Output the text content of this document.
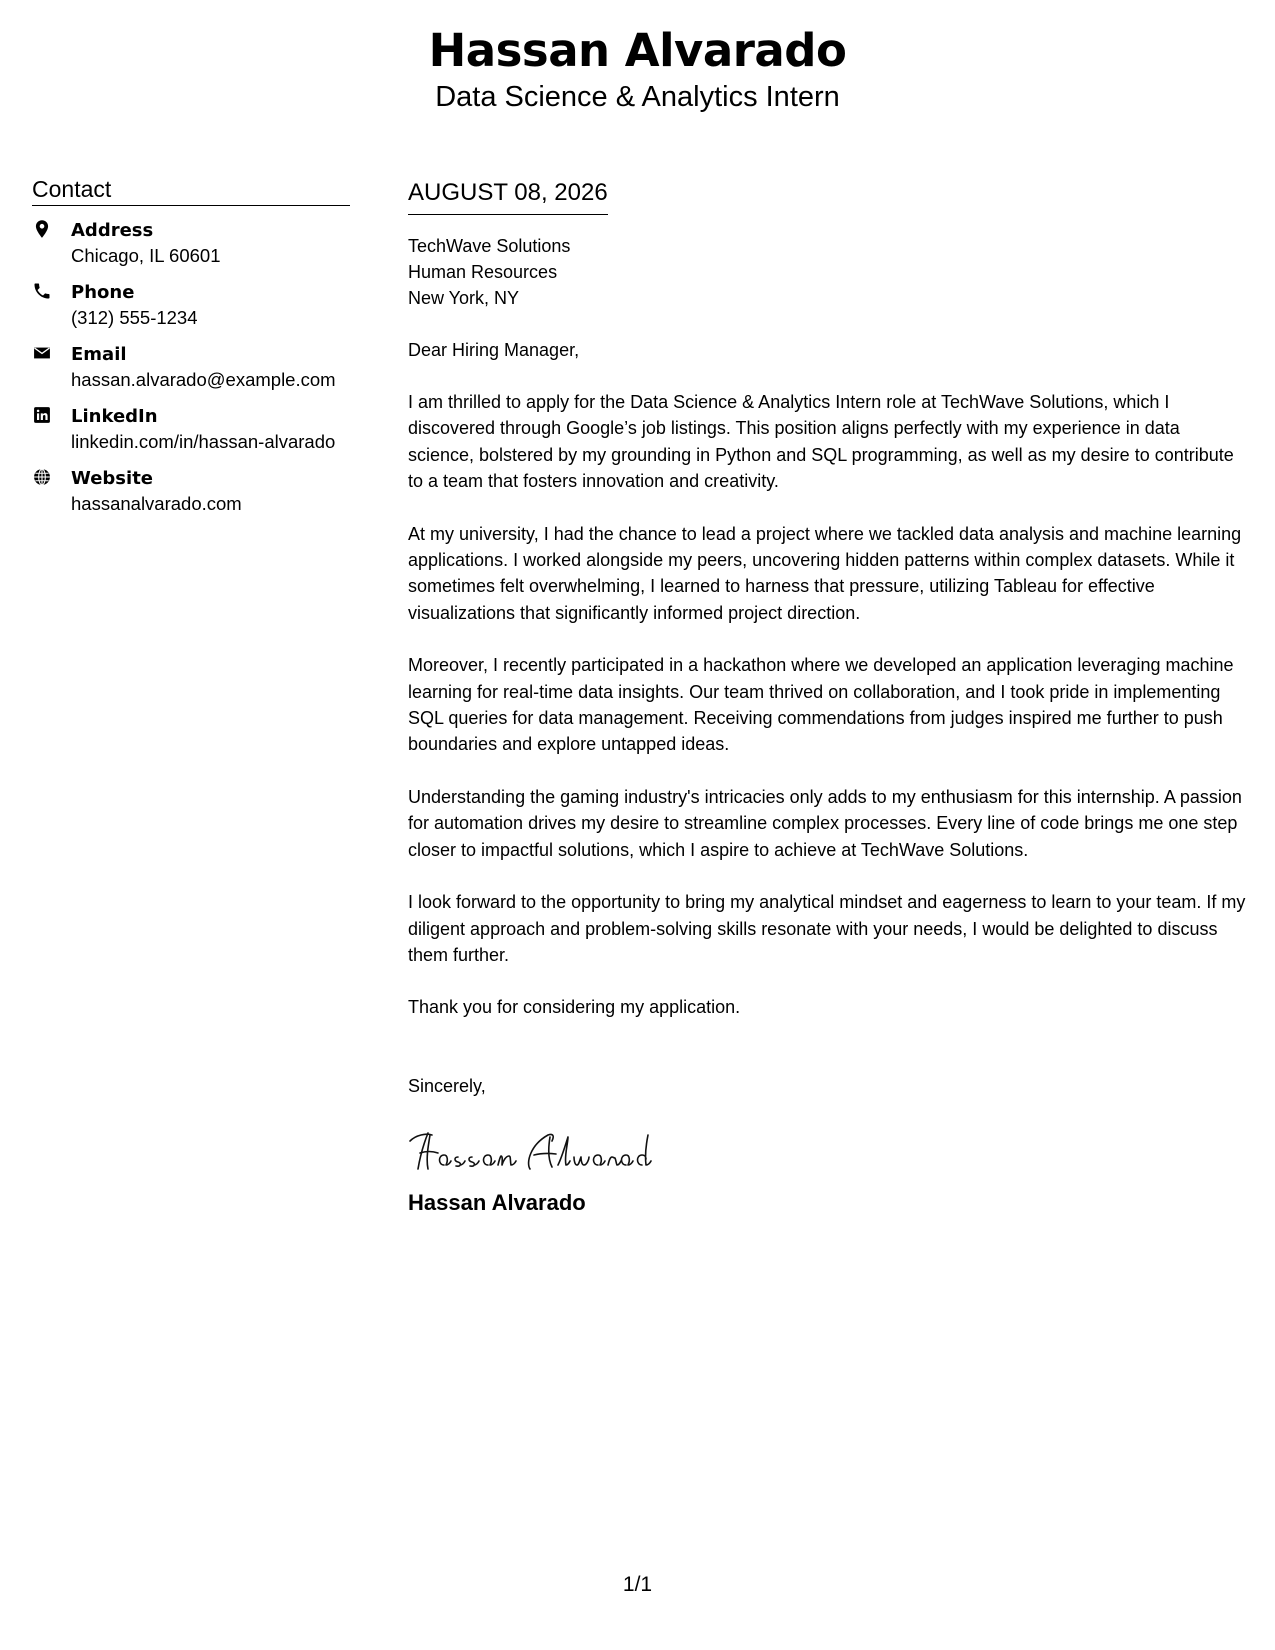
Hassan Alvarado
Data Science & Analytics Intern
Contact
Address
Chicago, IL 60601
Phone
(312) 555-1234
Email
hassan.alvarado@example.com
LinkedIn
linkedin.com/in/hassan-alvarado
Website
hassanalvarado.com
AUGUST 08, 2026
TechWave Solutions
Human Resources
New York, NY
Dear Hiring Manager,
I am thrilled to apply for the Data Science & Analytics Intern role at TechWave Solutions, which I discovered through Google’s job listings. This position aligns perfectly with my experience in data science, bolstered by my grounding in Python and SQL programming, as well as my desire to contribute to a team that fosters innovation and creativity.
At my university, I had the chance to lead a project where we tackled data analysis and machine learning applications. I worked alongside my peers, uncovering hidden patterns within complex datasets. While it sometimes felt overwhelming, I learned to harness that pressure, utilizing Tableau for effective visualizations that significantly informed project direction.
Moreover, I recently participated in a hackathon where we developed an application leveraging machine learning for real-time data insights. Our team thrived on collaboration, and I took pride in implementing SQL queries for data management. Receiving commendations from judges inspired me further to push boundaries and explore untapped ideas.
Understanding the gaming industry's intricacies only adds to my enthusiasm for this internship. A passion for automation drives my desire to streamline complex processes. Every line of code brings me one step closer to impactful solutions, which I aspire to achieve at TechWave Solutions.
I look forward to the opportunity to bring my analytical mindset and eagerness to learn to your team. If my diligent approach and problem-solving skills resonate with your needs, I would be delighted to discuss them further.
Thank you for considering my application.
Sincerely,
Hassan Alvarado
1/1
